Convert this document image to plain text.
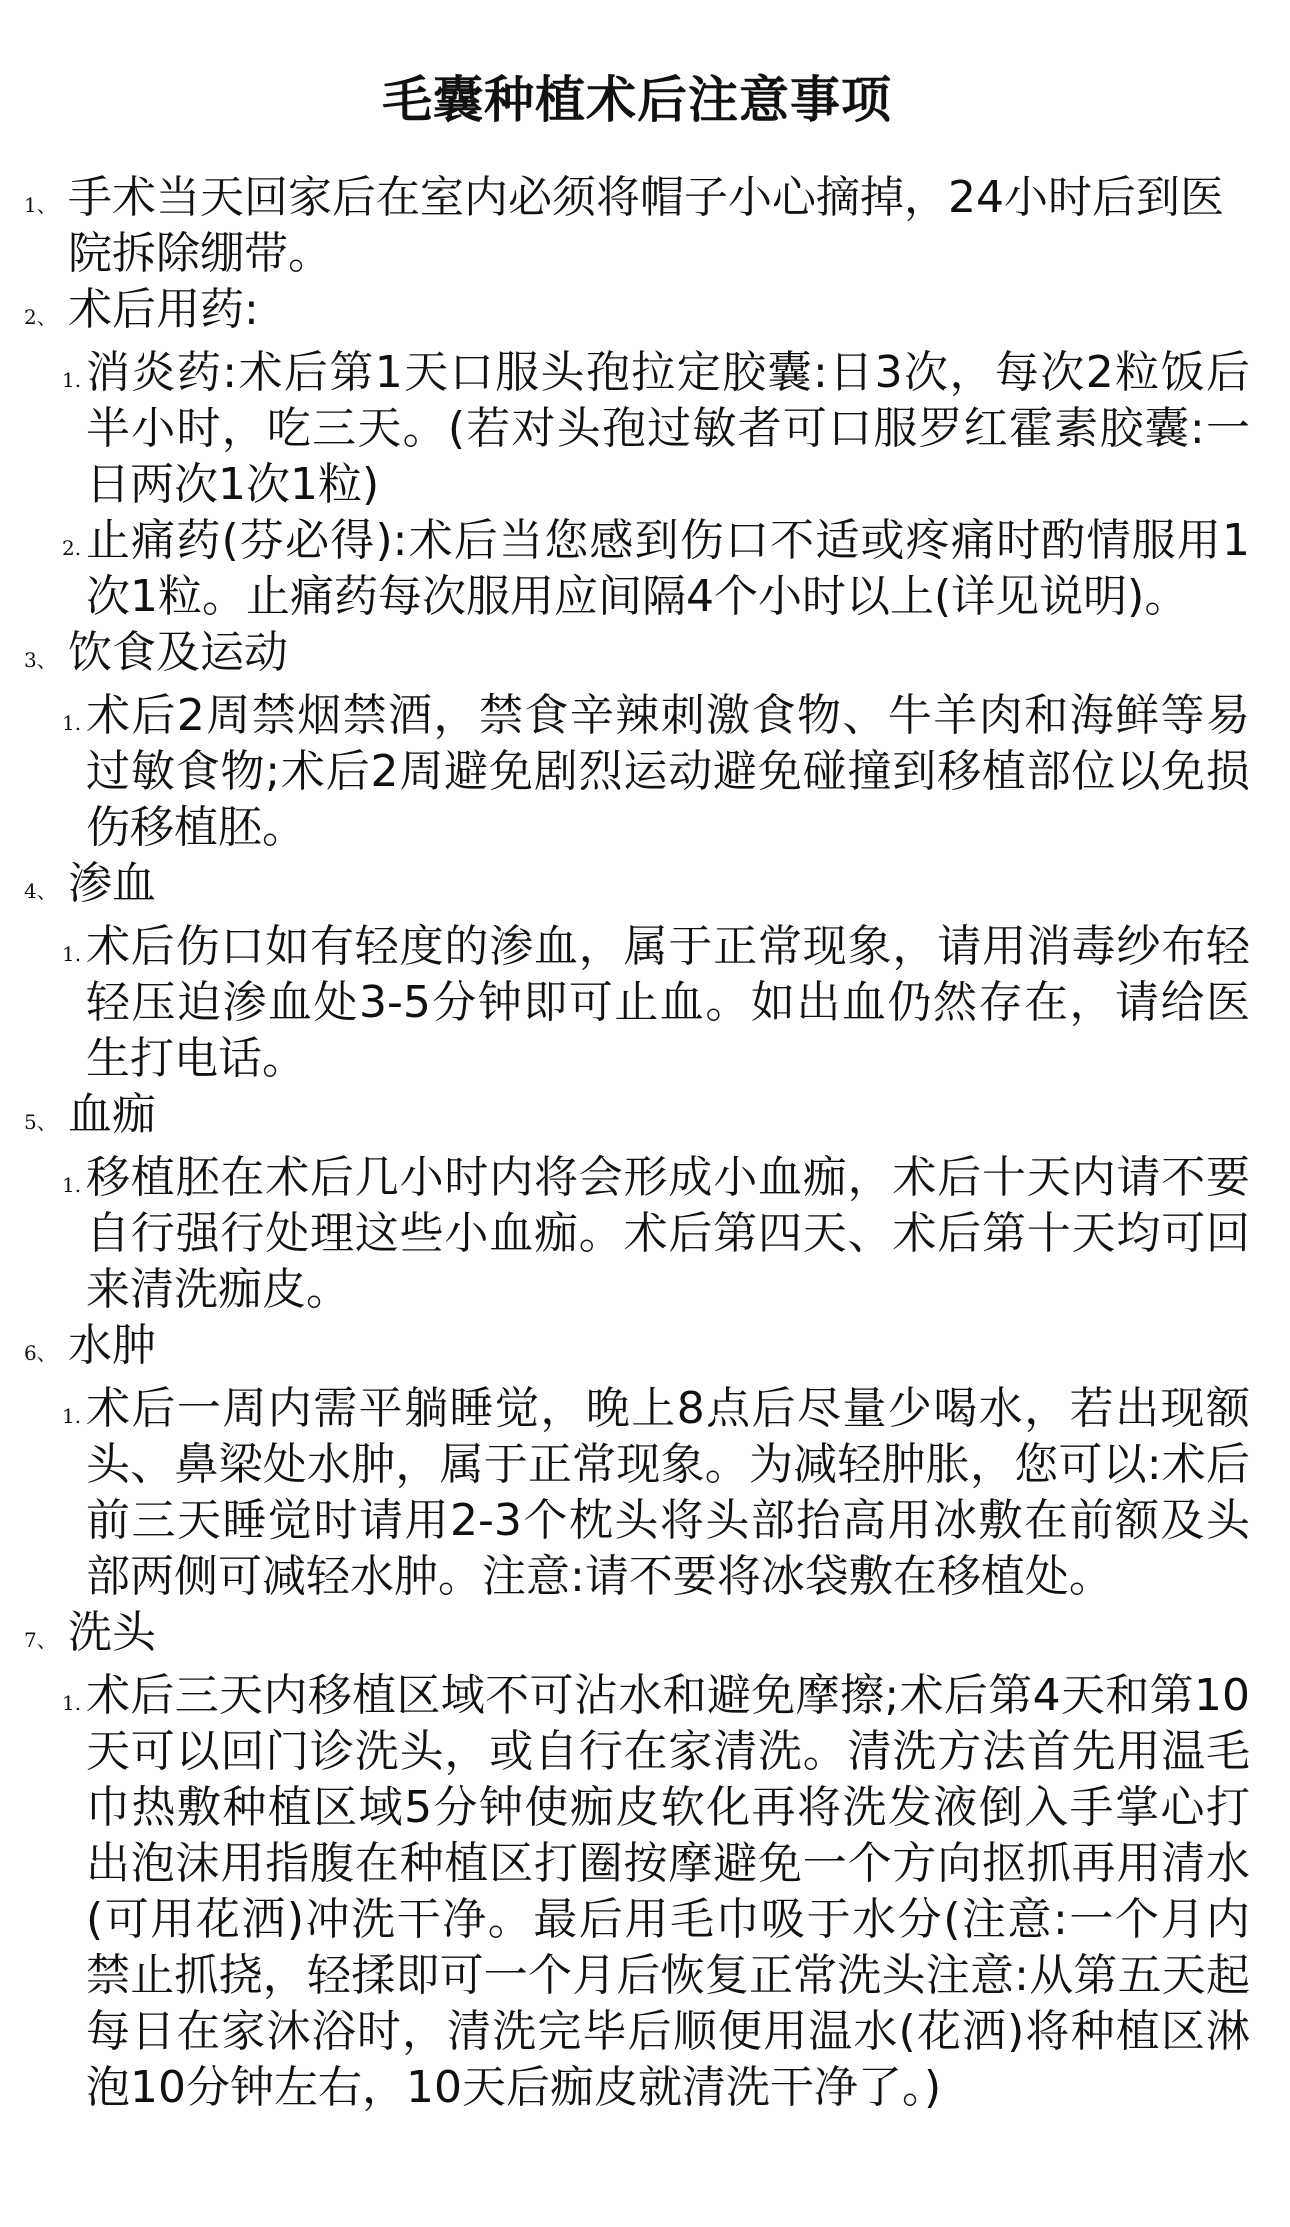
毛囊种植术后注意事项
1、 手术当天回家后在室内必须将帽子小心摘掉，24小时后到医院拆除绷带。
2、 术后用药:
1. 消炎药:术后第1天口服头孢拉定胶囊:日3次，每次2粒饭后半小时，吃三天。(若对头孢过敏者可口服罗红霍素胶囊:一日两次1次1粒)
2. 止痛药(芬必得):术后当您感到伤口不适或疼痛时酌情服用1次1粒。止痛药每次服用应间隔4个小时以上(详见说明)。
3、 饮食及运动
1. 术后2周禁烟禁酒，禁食辛辣刺激食物、牛羊肉和海鲜等易过敏食物;术后2周避免剧烈运动避免碰撞到移植部位以免损伤移植胚。
4、 渗血
1. 术后伤口如有轻度的渗血，属于正常现象，请用消毒纱布轻轻压迫渗血处3-5分钟即可止血。如出血仍然存在，请给医生打电话。
5、 血痂
1. 移植胚在术后几小时内将会形成小血痂，术后十天内请不要自行强行处理这些小血痂。术后第四天、术后第十天均可回来清洗痂皮。
6、 水肿
1. 术后一周内需平躺睡觉，晚上8点后尽量少喝水，若出现额头、鼻梁处水肿，属于正常现象。为减轻肿胀，您可以:术后前三天睡觉时请用2-3个枕头将头部抬高用冰敷在前额及头部两侧可减轻水肿。注意:请不要将冰袋敷在移植处。
7、 洗头
1. 术后三天内移植区域不可沾水和避免摩擦;术后第4天和第10天可以回门诊洗头，或自行在家清洗。清洗方法首先用温毛巾热敷种植区域5分钟使痂皮软化再将洗发液倒入手掌心打出泡沫用指腹在种植区打圈按摩避免一个方向抠抓再用清水(可用花洒)冲洗干净。最后用毛巾吸于水分(注意:一个月内禁止抓挠，轻揉即可一个月后恢复正常洗头注意:从第五天起每日在家沐浴时，清洗完毕后顺便用温水(花洒)将种植区淋泡10分钟左右，10天后痂皮就清洗干净了。)
